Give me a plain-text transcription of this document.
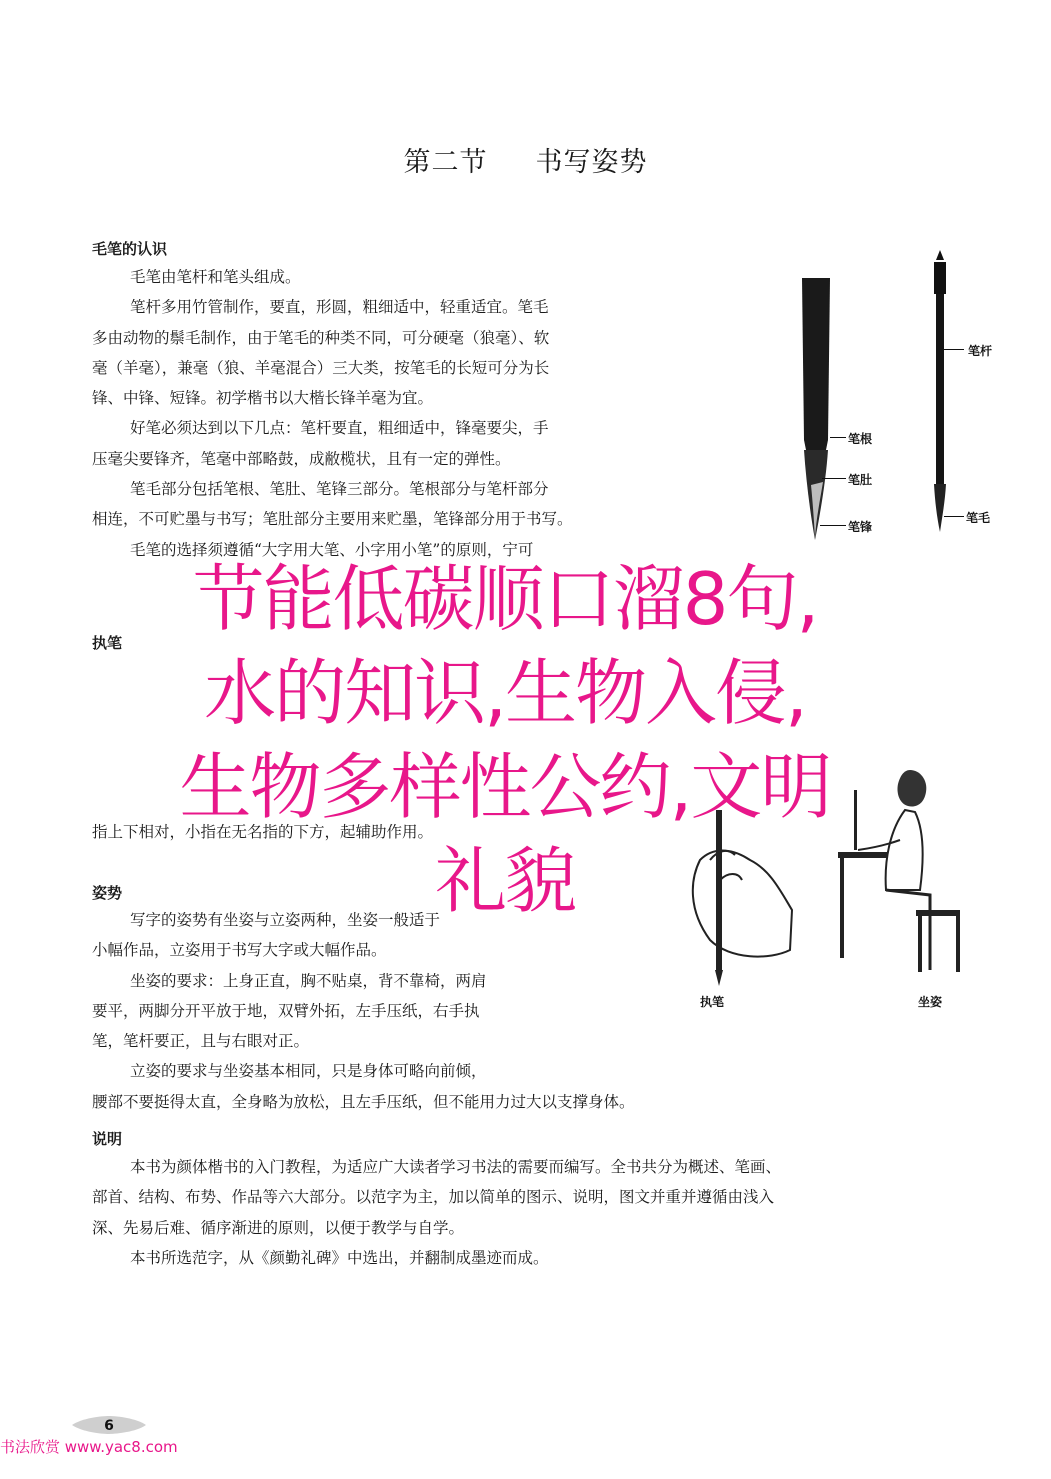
第二节 书写姿势
毛笔的认识

毛笔由笔杆和笔头组成。

笔杆多用竹管制作，要直，形圆，粗细适中，轻重适宜。笔毛

多由动物的鬃毛制作，由于笔毛的种类不同，可分硬毫（狼毫）、软

毫（羊毫），兼毫（狼、羊毫混合）三大类，按笔毛的长短可分为长

锋、中锋、短锋。初学楷书以大楷长锋羊毫为宜。

好笔必须达到以下几点：笔杆要直，粗细适中，锋毫要尖，手

压毫尖要锋齐，笔毫中部略鼓，成敝榄状，且有一定的弹性。

笔毛部分包括笔根、笔肚、笔锋三部分。笔根部分与笔杆部分

相连，不可贮墨与书写；笔肚部分主要用来贮墨，笔锋部分用于书写。

毛笔的选择须遵循“大字用大笔、小字用小笔”的原则，宁可

执笔

指上下相对，小指在无名指的下方，起辅助作用。

姿势

写字的姿势有坐姿与立姿两种，坐姿一般适于

小幅作品，立姿用于书写大字或大幅作品。

坐姿的要求：上身正直，胸不贴桌，背不靠椅，两肩

要平，两脚分开平放于地，双臂外拓，左手压纸，右手执

笔，笔杆要正，且与右眼对正。

立姿的要求与坐姿基本相同，只是身体可略向前倾，

腰部不要挺得太直，全身略为放松，且左手压纸，但不能用力过大以支撑身体。

说明

本书为颜体楷书的入门教程，为适应广大读者学习书法的需要而编写。全书共分为概述、笔画、

部首、结构、布势、作品等六大部分。以范字为主，加以简单的图示、说明，图文并重并遵循由浅入

深、先易后难、循序渐进的原则，以便于教学与自学。

本书所选范字，从《颜勤礼碑》中选出，并翻制成墨迹而成。

笔杆
笔根
笔肚
笔锋
笔毛
执笔	坐姿
节能低碳顺口溜8句,
水的知识,生物入侵,
生物多样性公约,文明
礼貌
6
书法欣赏 www.yac8.com
